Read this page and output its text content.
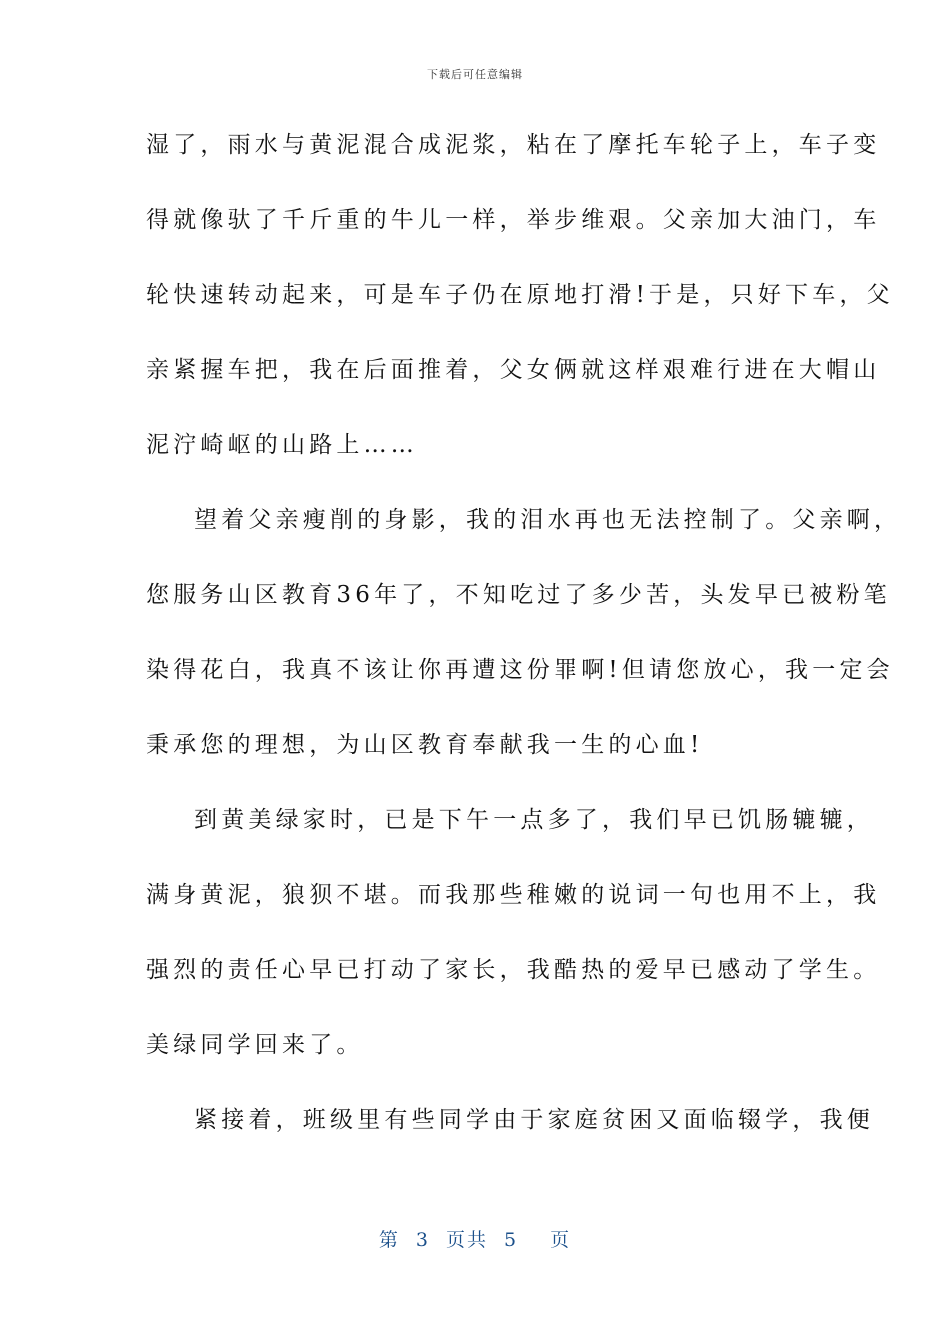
下载后可任意编辑
湿了，雨水与黄泥混合成泥浆，粘在了摩托车轮子上，车子变
得就像驮了千斤重的牛儿一样，举步维艰。父亲加大油门，车
轮快速转动起来，可是车子仍在原地打滑!于是，只好下车，父
亲紧握车把，我在后面推着，父女俩就这样艰难行进在大帽山
泥泞崎岖的山路上……
望着父亲瘦削的身影，我的泪水再也无法控制了。父亲啊，
您服务山区教育36年了，不知吃过了多少苦，头发早已被粉笔
染得花白，我真不该让你再遭这份罪啊!但请您放心，我一定会
秉承您的理想，为山区教育奉献我一生的心血!
到黄美绿家时，已是下午一点多了，我们早已饥肠辘辘，
满身黄泥，狼狈不堪。而我那些稚嫩的说词一句也用不上，我
强烈的责任心早已打动了家长，我酷热的爱早已感动了学生。
美绿同学回来了。
紧接着，班级里有些同学由于家庭贫困又面临辍学，我便
第 3 页共 5 页
